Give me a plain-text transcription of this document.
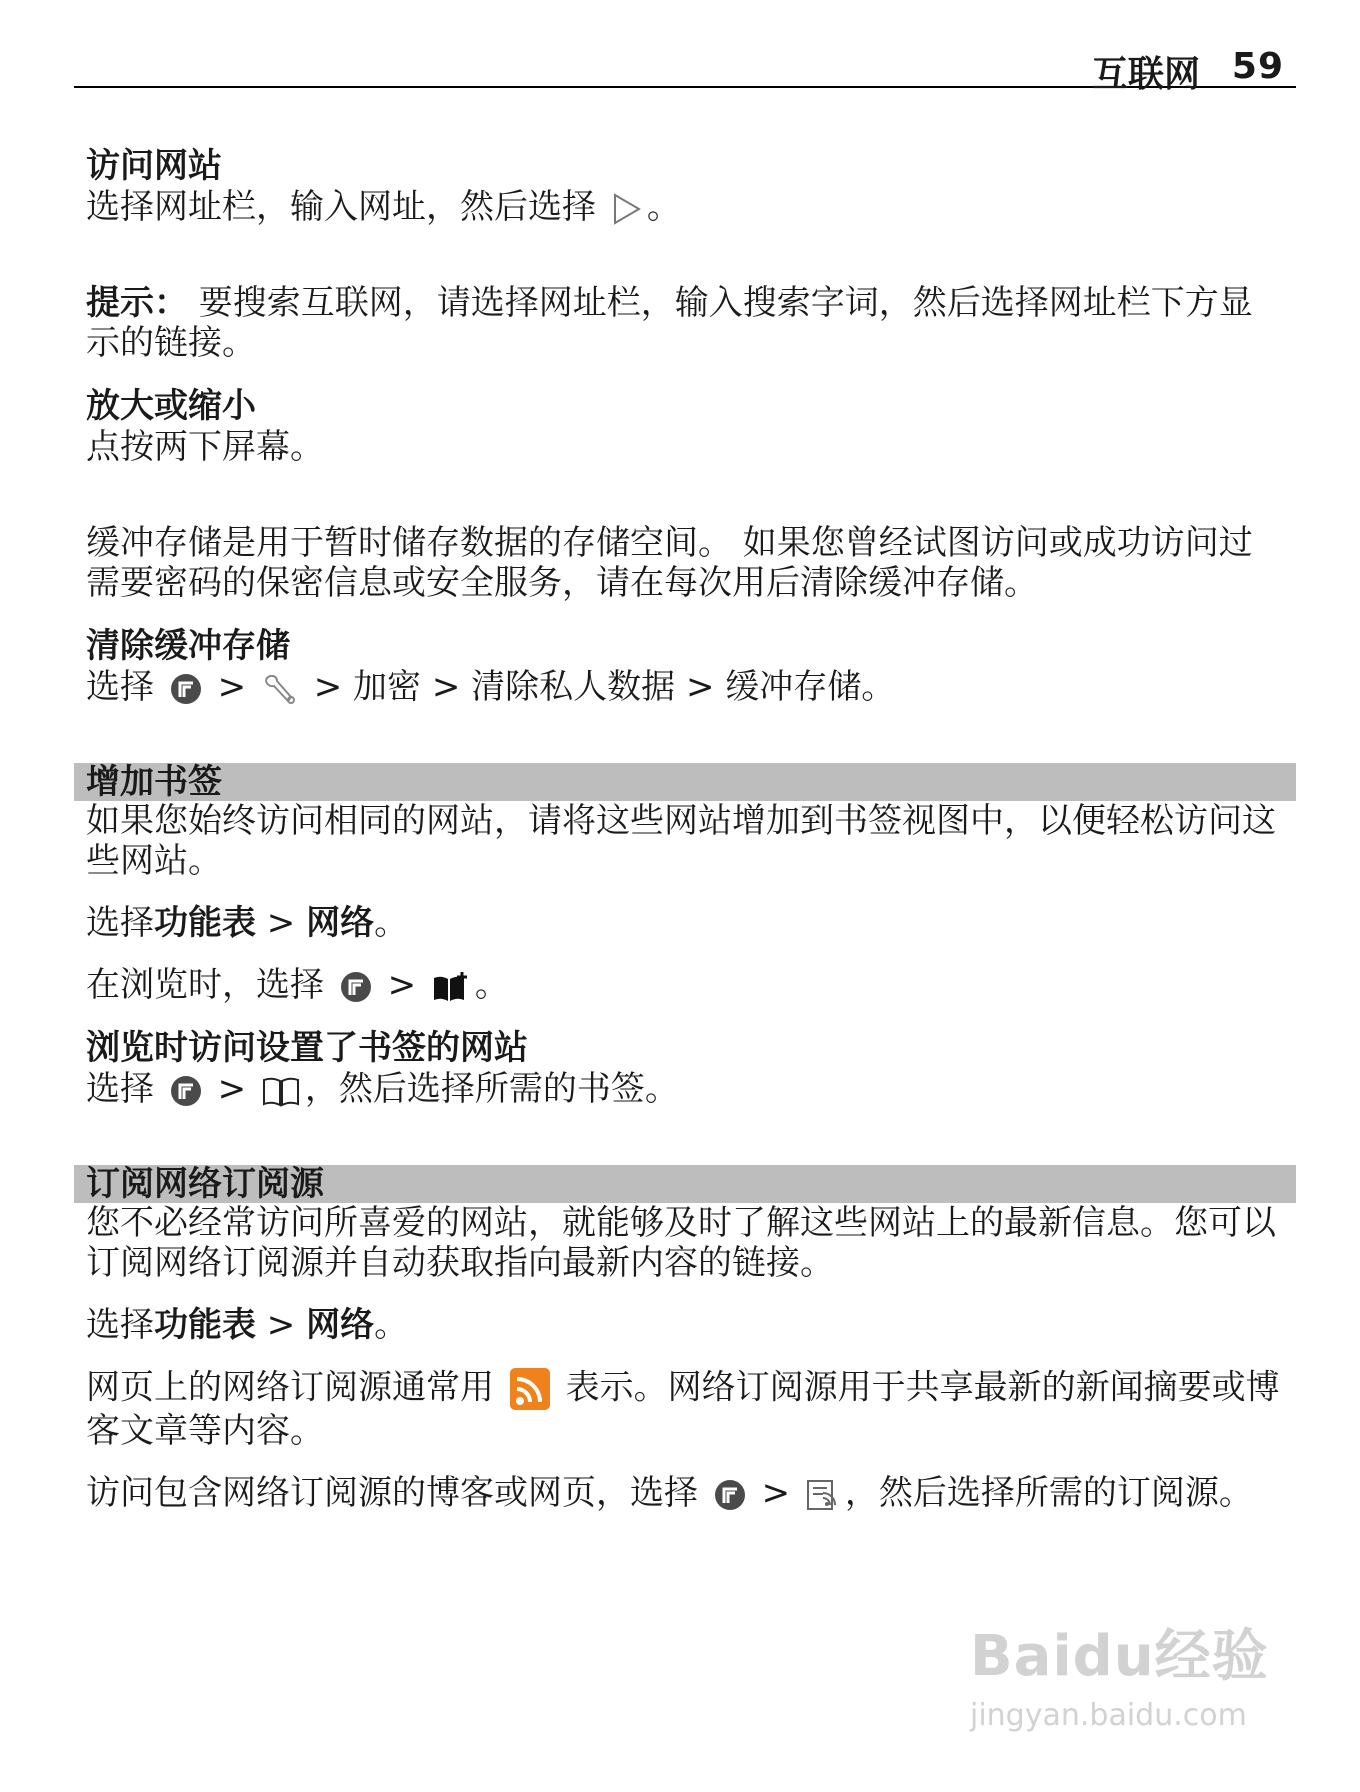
互联网 59

访问网站

选择网址栏，输入网址，然后选择
。

提示： 要搜索互联网，请选择网址栏，输入搜索字词，然后选择网址栏下方显示的链接。

放大或缩小

点按两下屏幕。

缓冲存储是用于暂时储存数据的存储空间。 如果您曾经试图访问或成功访问过需要密码的保密信息或安全服务，请在每次用后清除缓冲存储。

清除缓冲存储

选择
>
> 加密 > 清除私人数据 > 缓冲存储。

增加书签

如果您始终访问相同的网站，请将这些网站增加到书签视图中，以便轻松访问这些网站。

选择功能表 > 网络。

在浏览时，选择
>
。

浏览时访问设置了书签的网站

选择
>
，然后选择所需的书签。

订阅网络订阅源

您不必经常访问所喜爱的网站，就能够及时了解这些网站上的最新信息。您可以订阅网络订阅源并自动获取指向最新内容的链接。

选择功能表 > 网络。

网页上的网络订阅源通常用
表示。网络订阅源用于共享最新的新闻摘要或博客文章等内容。

访问包含网络订阅源的博客或网页，选择
>
，然后选择所需的订阅源。

Baidu经验
jingyan.baidu.com
